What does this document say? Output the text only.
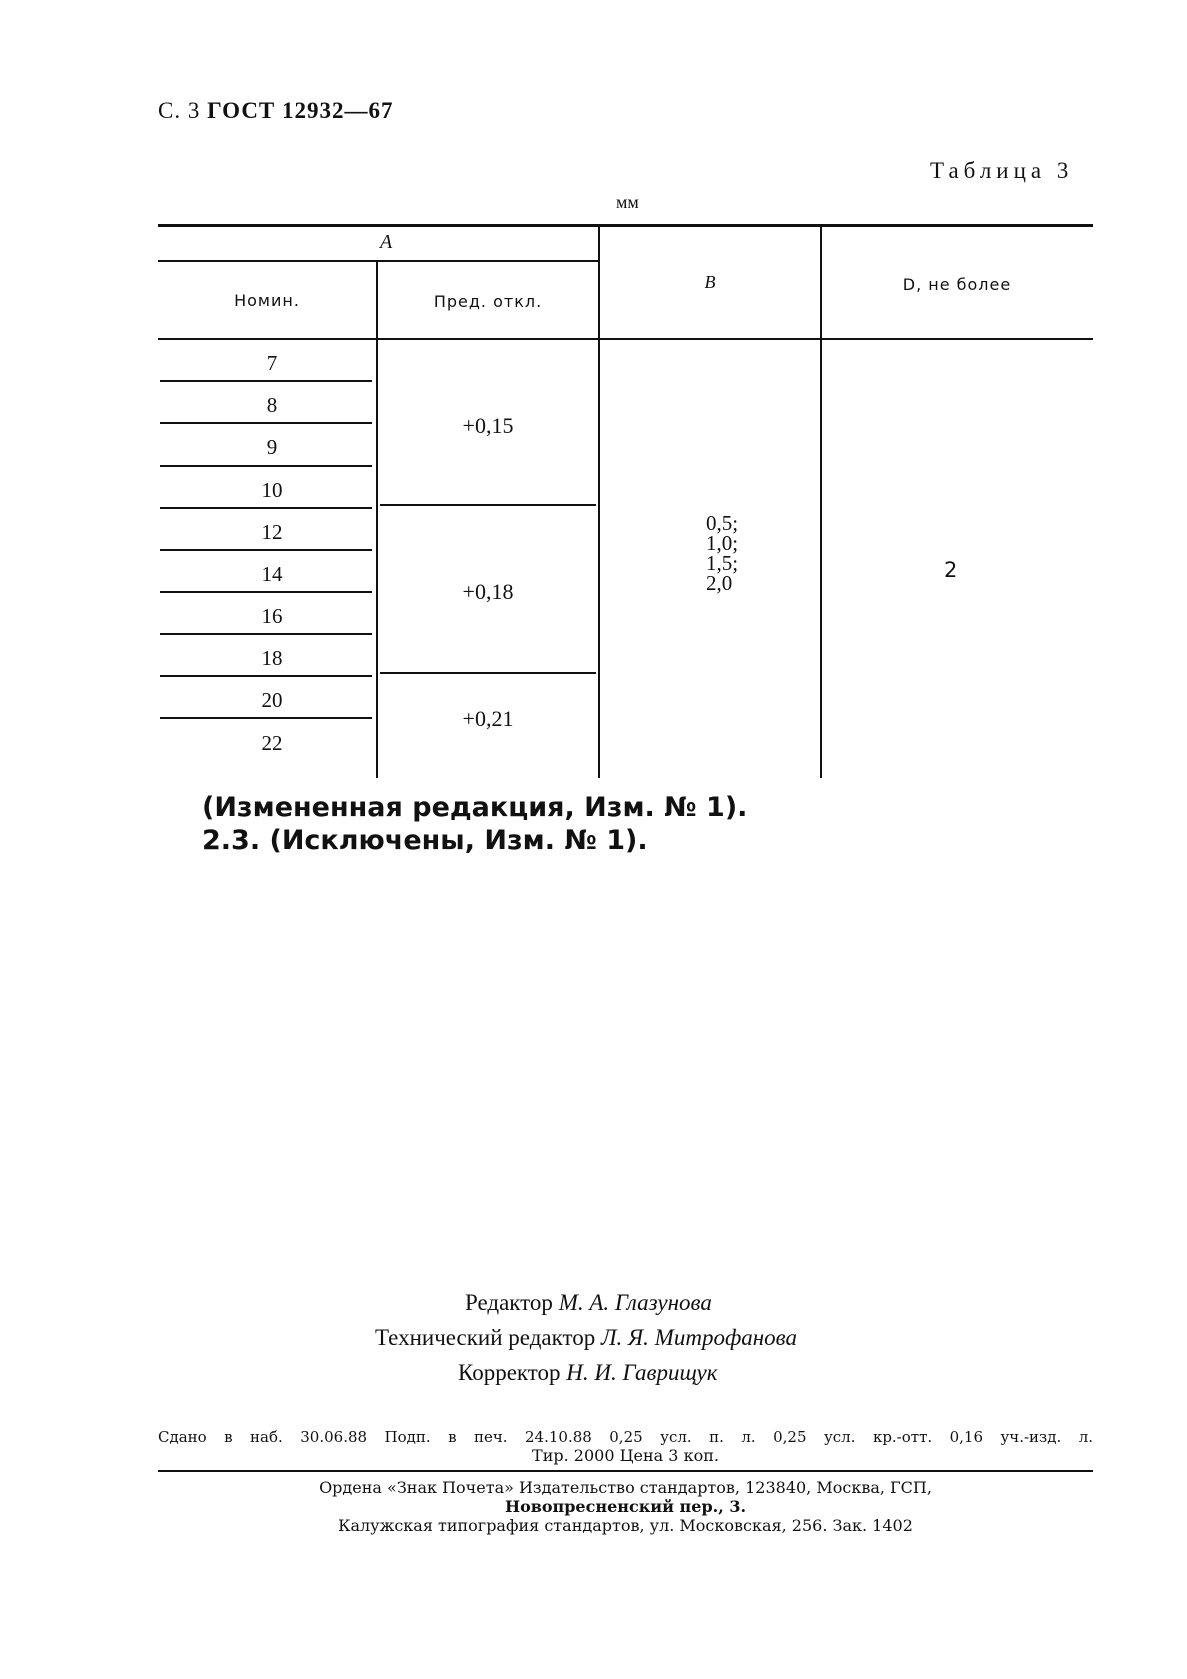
С. 3 ГОСТ 12932—67
Таблица 3
мм
A
Номин.	Пред. откл.
B	D, не более
7
8
9
10
12
14
16
18
20
22
+0,15
+0,18
+0,21
0,5;
1,0;
1,5;
2,0
2
(Измененная редакция, Изм. № 1).
2.3. (Исключены, Изм. № 1).
Редактор М. А. Глазунова
Технический редактор Л. Я. Митрофанова
Корректор Н. И. Гаврищук
Сдано в наб. 30.06.88 Подп. в печ. 24.10.88 0,25 усл. п. л. 0,25 усл. кр.-отт. 0,16 уч.-изд. л.
Тир. 2000 Цена 3 коп.
Ордена «Знак Почета» Издательство стандартов, 123840, Москва, ГСП,
Новопресненский пер., 3.
Калужская типография стандартов, ул. Московская, 256. Зак. 1402
